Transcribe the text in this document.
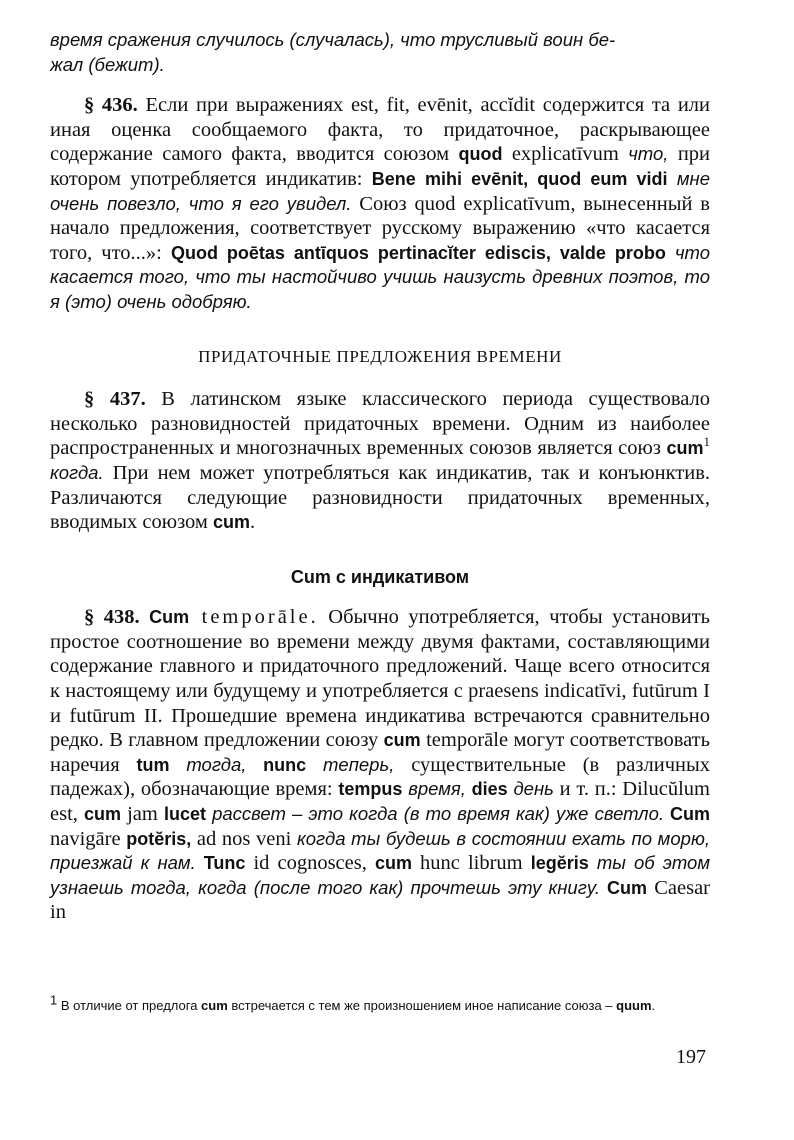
время сражения случилось (случалась), что трусливый воин бе-
жал (бежит).

§ 436. Если при выражениях est, fit, evēnit, accĭdit содержится та или иная оценка сообщаемого факта, то придаточное, раскрывающее содержание самого факта, вводится союзом quod explicatīvum что, при котором употребляется индикатив: Bene mihi evēnit, quod eum vidi мне очень повезло, что я его увидел. Союз quod explicatīvum, вынесенный в начало предложения, соответствует русскому выражению «что касается того, что...»: Quod poētas antīquos pertinacĭter ediscis, valde probo что касается того, что ты настойчиво учишь наизусть древних поэтов, то я (это) очень одобряю.

ПРИДАТОЧНЫЕ ПРЕДЛОЖЕНИЯ ВРЕМЕНИ

§ 437. В латинском языке классического периода существовало несколько разновидностей придаточных времени. Одним из наиболее распространенных и многозначных временных союзов является союз cum$^1$ когда. При нем может употребляться как индикатив, так и конъюнктив. Различаются следующие разновидности придаточных временных, вводимых союзом cum.

Cum с индикативом

§ 438. Cum temporāle. Обычно употребляется, чтобы установить простое соотношение во времени между двумя фактами, составляющими содержание главного и придаточного предложений. Чаще всего относится к настоящему или будущему и употребляется с praesens indicatīvi, futūrum I и futūrum II. Прошедшие времена индикатива встречаются сравнительно редко. В главном предложении союзу cum temporāle могут соответствовать наречия tum тогда, nunc теперь, существительные (в различных падежах), обозначающие время: tempus время, dies день и т. п.: Dilucŭlum est, cum jam lucet рассвет – это когда (в то время как) уже светло. Cum navigāre potĕris, ad nos veni когда ты будешь в состоянии ехать по морю, приезжай к нам. Tunc id cognosces, cum hunc librum legĕris ты об этом узнаешь тогда, когда (после того как) прочтешь эту книгу. Cum Caesar in

$^1$ В отличие от предлога cum встречается с тем же произношением иное написание союза – quum.
197
